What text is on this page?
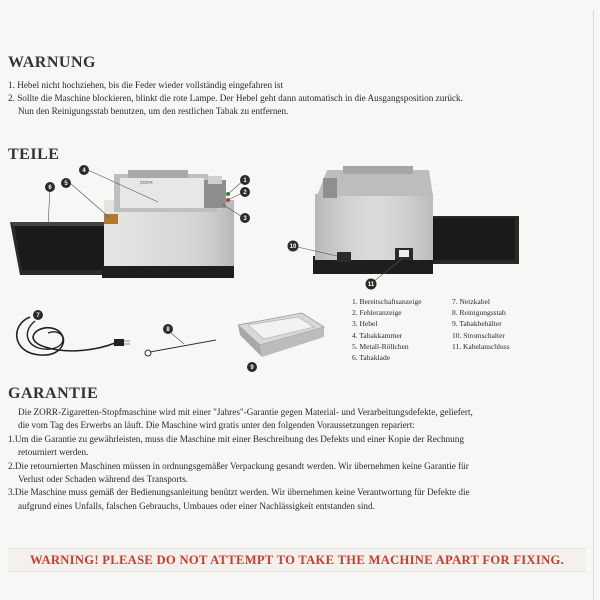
WARNUNG
1. Hebel nicht hochziehen, bis die Feder wieder vollständig eingefahren ist
2. Sollte die Maschine blockieren, blinkt die rote Lampe. Der Hebel geht dann automatisch in die Ausgangsposition zurück.
Nun den Reinigungsstab benutzen, um den restlichen Tabak zu entfernen.
TEILE
4
5
6
1
2
3
ZORR
10
11
7
8
9
1. Bereitschaftsanzeige
2. Fehleranzeige
3. Hebel
4. Tabakkammer
5. Metall-Röllchen
6. Tabaklade
7. Netzkabel
8. Reinigungsstab
9. Tabakbehälter
10. Stromschalter
11. Kabelanschluss
GARANTIE
Die ZORR-Zigaretten-Stopfmaschine wird mit einer "Jahres"-Garantie gegen Material- und Verarbeitungsdefekte, geliefert,
die vom Tag des Erwerbs an läuft. Die Maschine wird gratis unter den folgenden Voraussetzungen repariert:
1.Um die Garantie zu gewährleisten, muss die Maschine mit einer Beschreibung des Defekts und einer Kopie der Rechnung
retourniert werden.
2.Die retournierten Maschinen müssen in ordnungsgemäßer Verpackung gesandt werden. Wir übernehmen keine Garantie für
Verlust oder Schaden während des Transports.
3.Die Maschine muss gemäß der Bedienungsanleitung benützt werden. Wir übernehmen keine Verantwortung für Defekte die
aufgrund eines Unfalls, falschen Gebrauchs, Umbaues oder einer Nachlässigkeit entstanden sind.
WARNING! PLEASE DO NOT ATTEMPT TO TAKE THE MACHINE APART FOR FIXING.
